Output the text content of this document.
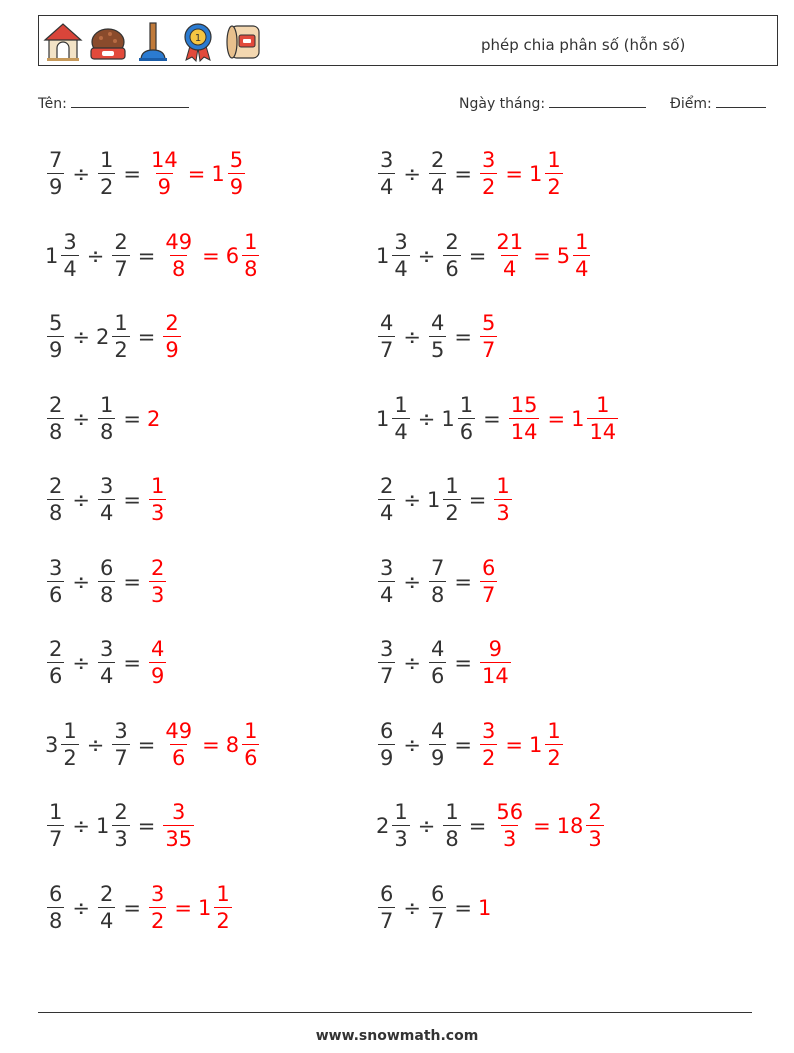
1	phép chia phân số (hỗn số)
Tên:	Ngày tháng:	Điểm:
$\frac{7}{9} \div \frac{1}{2} = \frac{14}{9} = 1 \frac{5}{9}$	$\frac{3}{4} \div \frac{2}{4} = \frac{3}{2} = 1 \frac{1}{2}$
$1 \frac{3}{4} \div \frac{2}{7} = \frac{49}{8} = 6 \frac{1}{8}$	$1 \frac{3}{4} \div \frac{2}{6} = \frac{21}{4} = 5 \frac{1}{4}$
$\frac{5}{9} \div 2 \frac{1}{2} = \frac{2}{9}$	$\frac{4}{7} \div \frac{4}{5} = \frac{5}{7}$
$\frac{2}{8} \div \frac{1}{8} = 2$	$1 \frac{1}{4} \div 1 \frac{1}{6} = \frac{15}{14} = 1 \frac{1}{14}$
$\frac{2}{8} \div \frac{3}{4} = \frac{1}{3}$	$\frac{2}{4} \div 1 \frac{1}{2} = \frac{1}{3}$
$\frac{3}{6} \div \frac{6}{8} = \frac{2}{3}$	$\frac{3}{4} \div \frac{7}{8} = \frac{6}{7}$
$\frac{2}{6} \div \frac{3}{4} = \frac{4}{9}$	$\frac{3}{7} \div \frac{4}{6} = \frac{9}{14}$
$3 \frac{1}{2} \div \frac{3}{7} = \frac{49}{6} = 8 \frac{1}{6}$	$\frac{6}{9} \div \frac{4}{9} = \frac{3}{2} = 1 \frac{1}{2}$
$\frac{1}{7} \div 1 \frac{2}{3} = \frac{3}{35}$	$2 \frac{1}{3} \div \frac{1}{8} = \frac{56}{3} = 18 \frac{2}{3}$
$\frac{6}{8} \div \frac{2}{4} = \frac{3}{2} = 1 \frac{1}{2}$	$\frac{6}{7} \div \frac{6}{7} = 1$
www.snowmath.com
